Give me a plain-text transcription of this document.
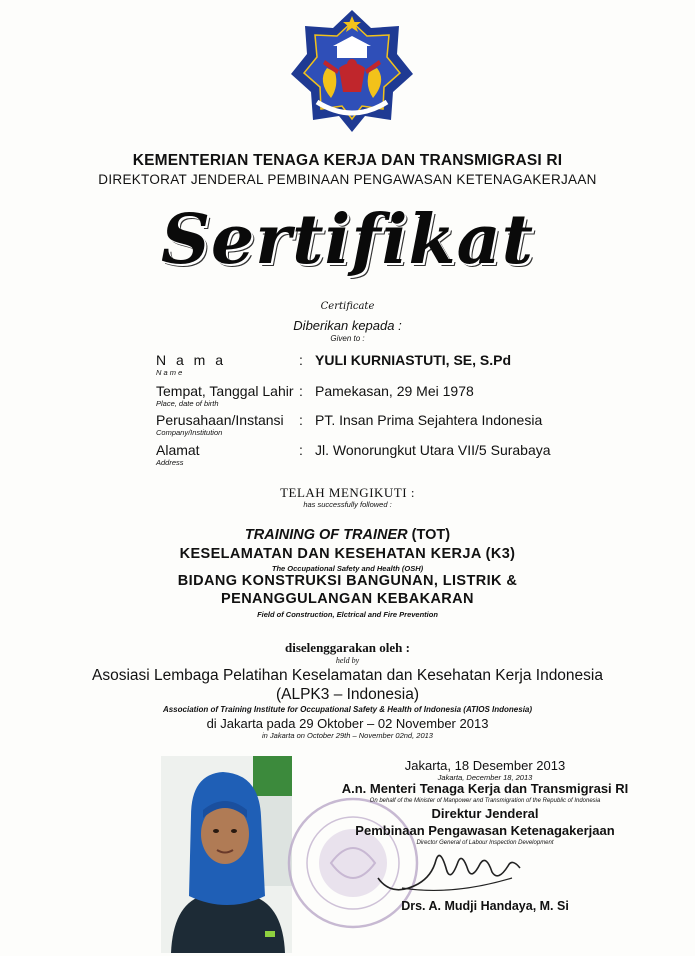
KEMENTERIAN TENAGA KERJA DAN TRANSMIGRASI RI
DIREKTORAT JENDERAL PEMBINAAN PENGAWASAN KETENAGAKERJAAN
Sertifikat
Certificate
Diberikan kepada :
Given to :
N a m a
N a m e
: YULI KURNIASTUTI, SE, S.Pd
Tempat, Tanggal Lahir
Place, date of birth
: Pamekasan, 29 Mei 1978
Perusahaan/Instansi
Company/Institution
: PT. Insan Prima Sejahtera Indonesia
Alamat
Address
: Jl. Wonorungkut Utara VII/5 Surabaya
TELAH MENGIKUTI :
has successfully followed :
TRAINING OF TRAINER (TOT)
KESELAMATAN DAN KESEHATAN KERJA (K3)
The Occupational Safety and Health (OSH)
BIDANG KONSTRUKSI BANGUNAN, LISTRIK &
PENANGGULANGAN KEBAKARAN
Field of Construction, Elctrical and Fire Prevention
diselenggarakan oleh :
held by
Asosiasi Lembaga Pelatihan Keselamatan dan Kesehatan Kerja Indonesia
(ALPK3 – Indonesia)
Association of Training Institute for Occupational Safety & Health of Indonesia (ATIOS Indonesia)
di Jakarta pada 29 Oktober – 02 November 2013
in Jakarta on October 29th – November 02nd, 2013
Jakarta, 18 Desember 2013
Jakarta, December 18, 2013
A.n. Menteri Tenaga Kerja dan Transmigrasi RI
On behalf of the Minister of Manpower and Transmigration of the Republic of Indonesia
Direktur Jenderal
Pembinaan Pengawasan Ketenagakerjaan
Director General of Labour Inspection Development
Drs. A. Mudji Handaya, M. Si
